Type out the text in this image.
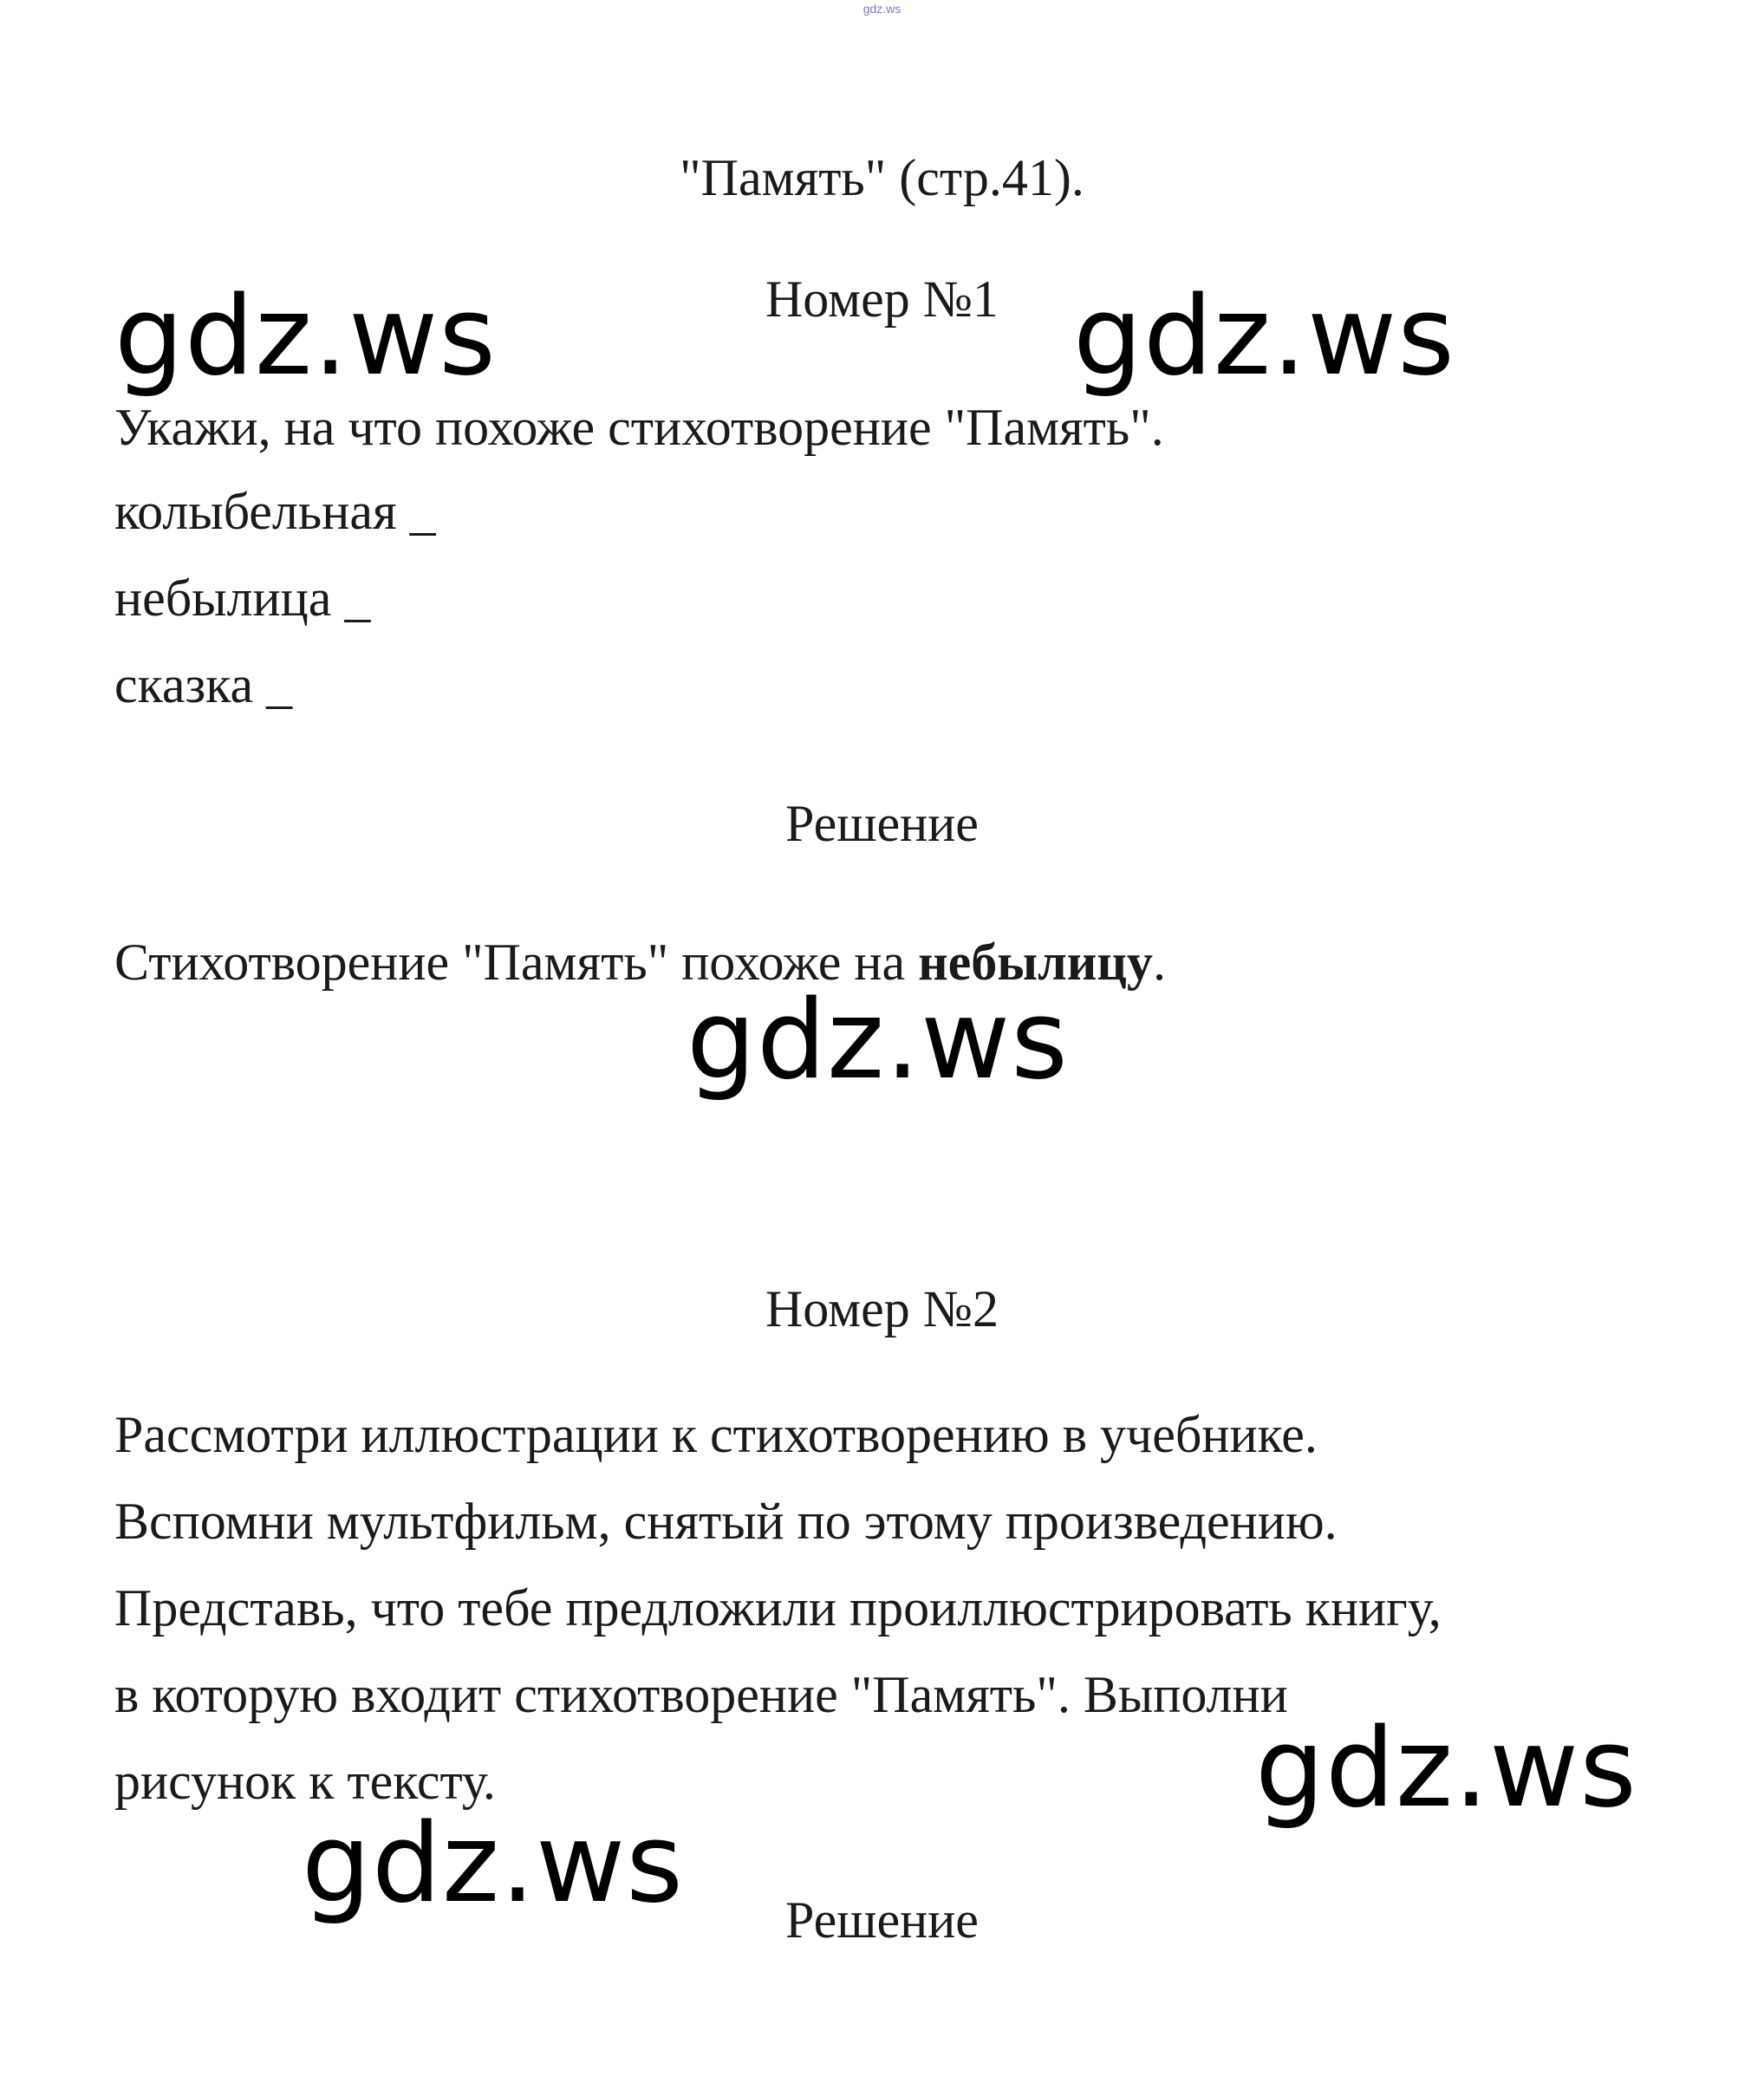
gdz.ws
"Память" (стр.41).
Номер №1
Укажи, на что похоже стихотворение "Память".
колыбельная _
небылица _
сказка _
Решение
Стихотворение "Память" похоже на небылицу.
Номер №2
Рассмотри иллюстрации к стихотворению в учебнике.
Вспомни мультфильм, снятый по этому произведению.
Представь, что тебе предложили проиллюстрировать книгу,
в которую входит стихотворение "Память". Выполни
рисунок к тексту.
Решение
gdz.ws	gdz.ws
gdz.ws
gdz.ws
gdz.ws
